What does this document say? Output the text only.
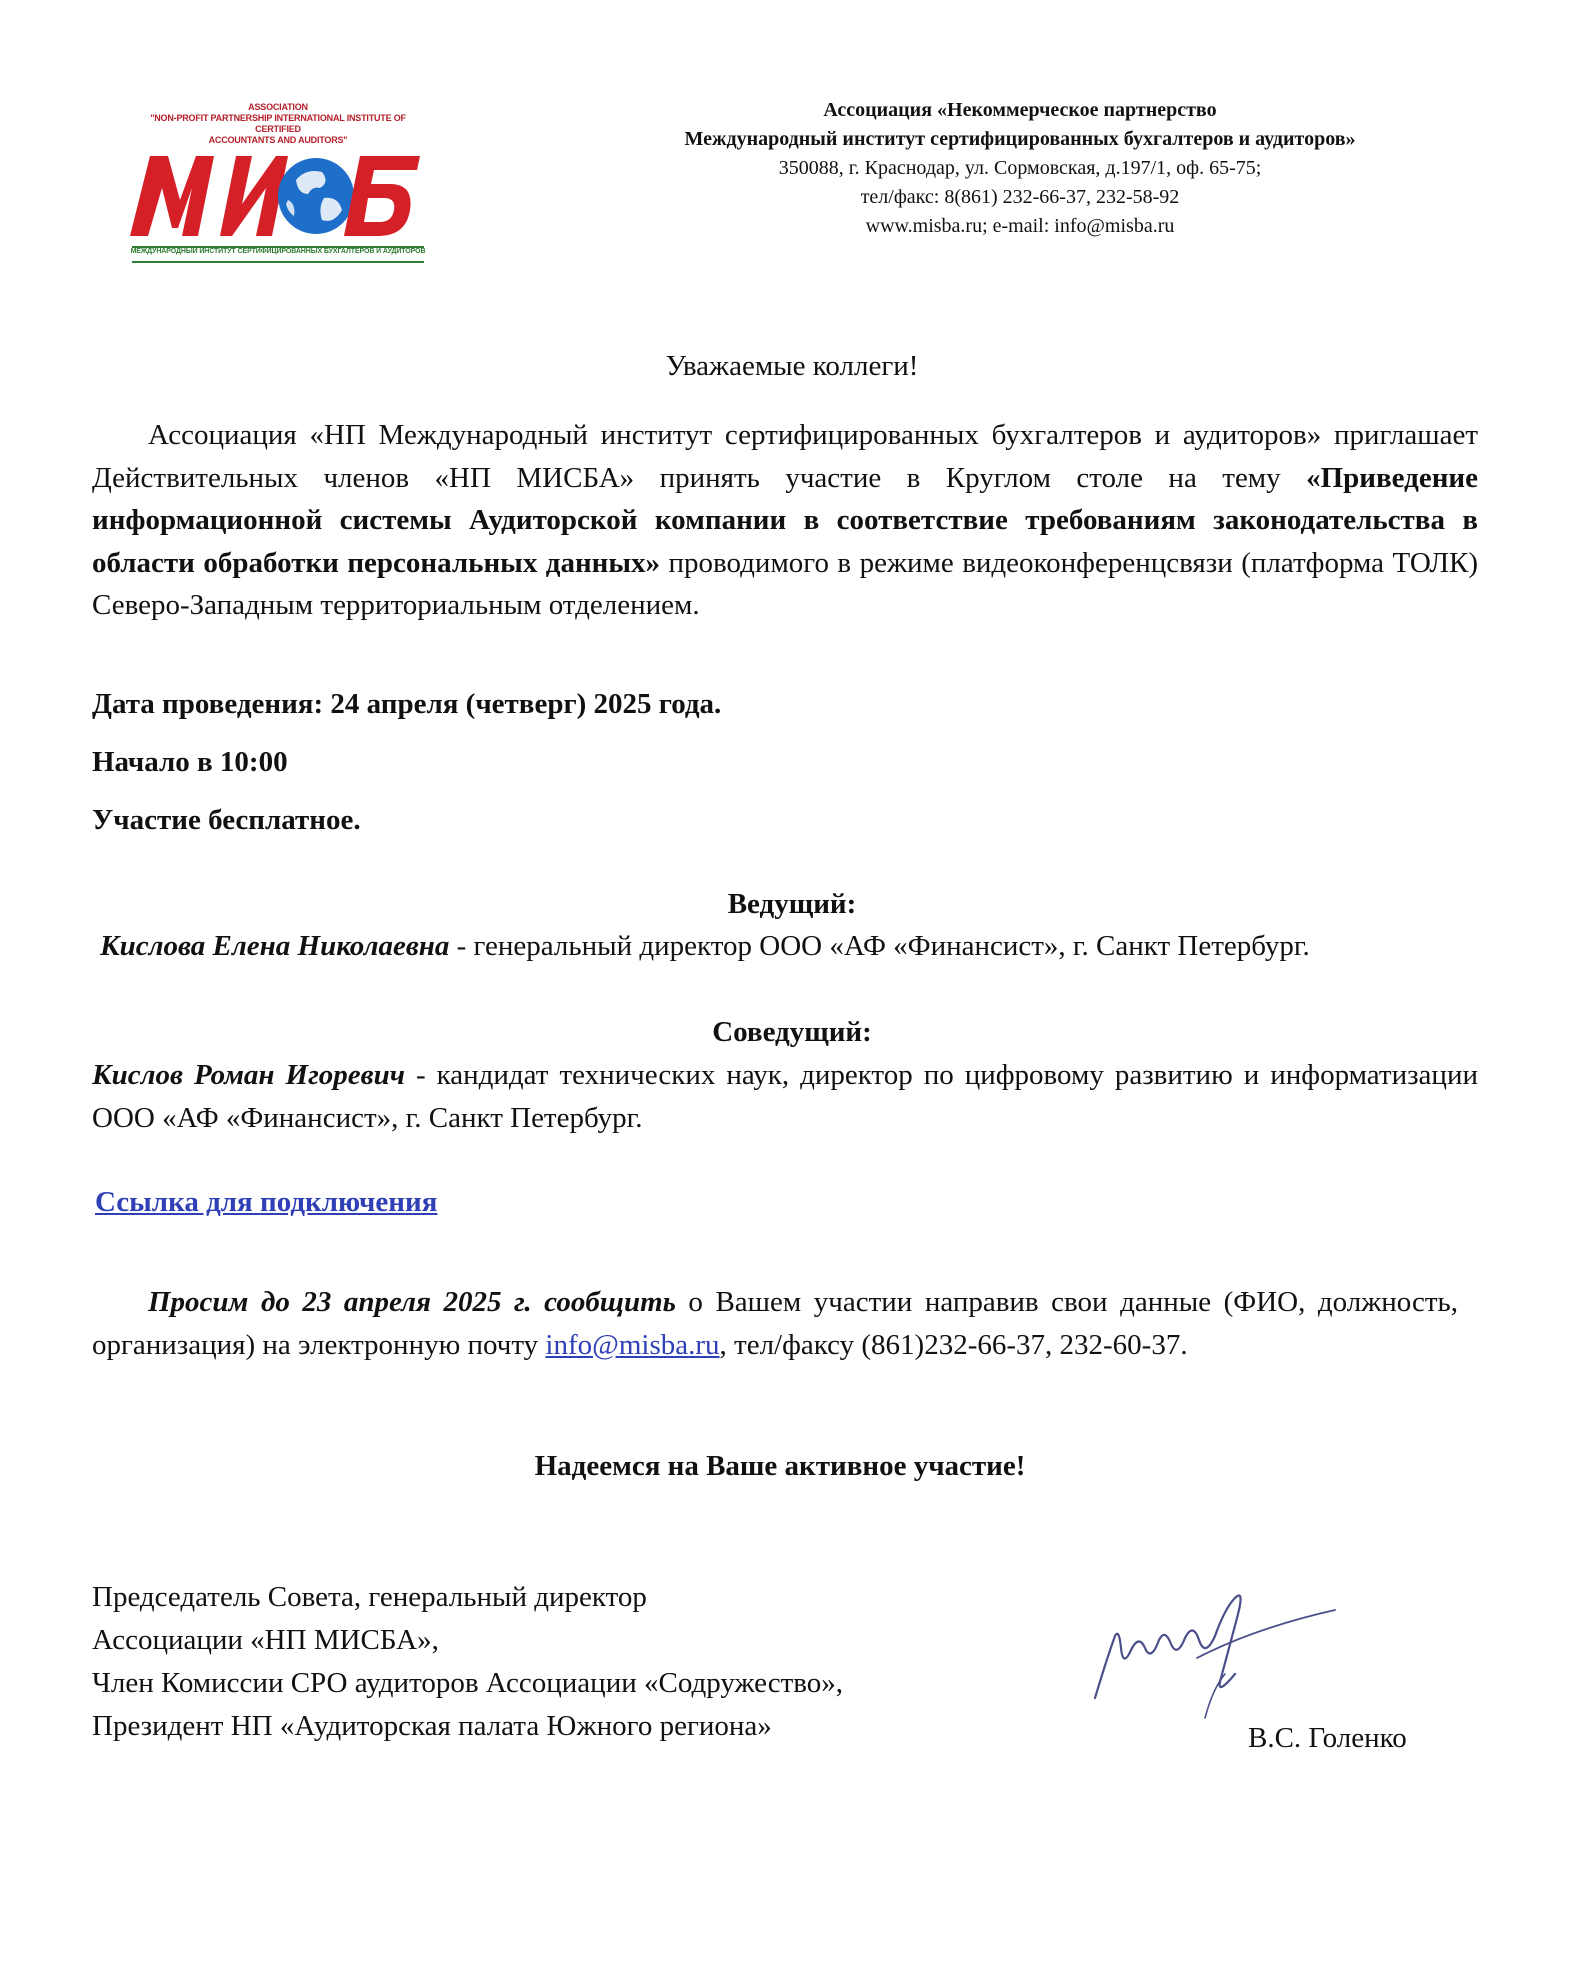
ASSOCIATION
"NON-PROFIT PARTNERSHIP INTERNATIONAL INSTITUTE OF CERTIFIED
ACCOUNTANTS AND AUDITORS"
МЕЖДУНАРОДНЫЙ ИНСТИТУТ СЕРТИФИЦИРОВАННЫХ БУХГАЛТЕРОВ И АУДИТОРОВ
Ассоциация «Некоммерческое партнерство
Международный институт сертифицированных бухгалтеров и аудиторов»
350088, г. Краснодар, ул. Сормовская, д.197/1, оф. 65-75;
тел/факс: 8(861) 232-66-37, 232-58-92
www.misba.ru; e-mail: info@misba.ru
Уважаемые коллеги!
Ассоциация «НП Международный институт сертифицированных бухгалтеров и аудиторов» приглашает Действительных членов «НП МИСБА» принять участие в Круглом столе на тему «Приведение информационной системы Аудиторской компании в соответствие требованиям законодательства в области обработки персональных данных» проводимого в режиме видеоконференцсвязи (платформа ТОЛК) Северо-Западным территориальным отделением.
Дата проведения: 24 апреля (четверг) 2025 года.
Начало в 10:00
Участие бесплатное.
Ведущий:
Кислова Елена Николаевна - генеральный директор ООО «АФ «Финансист», г. Санкт Петербург.
Соведущий:
Кислов Роман Игоревич - кандидат технических наук, директор по цифровому развитию и информатизации ООО «АФ «Финансист», г. Санкт Петербург.
Ссылка для подключения
Просим до 23 апреля 2025 г. сообщить о Вашем участии направив свои данные (ФИО, должность, организация) на электронную почту info@misba.ru, тел/факсу (861)232-66-37, 232-60-37.
Надеемся на Ваше активное участие!
Председатель Совета, генеральный директор
Ассоциации «НП МИСБА»,
Член Комиссии СРО аудиторов Ассоциации «Содружество»,
Президент НП «Аудиторская палата Южного региона»	В.С. Голенко
